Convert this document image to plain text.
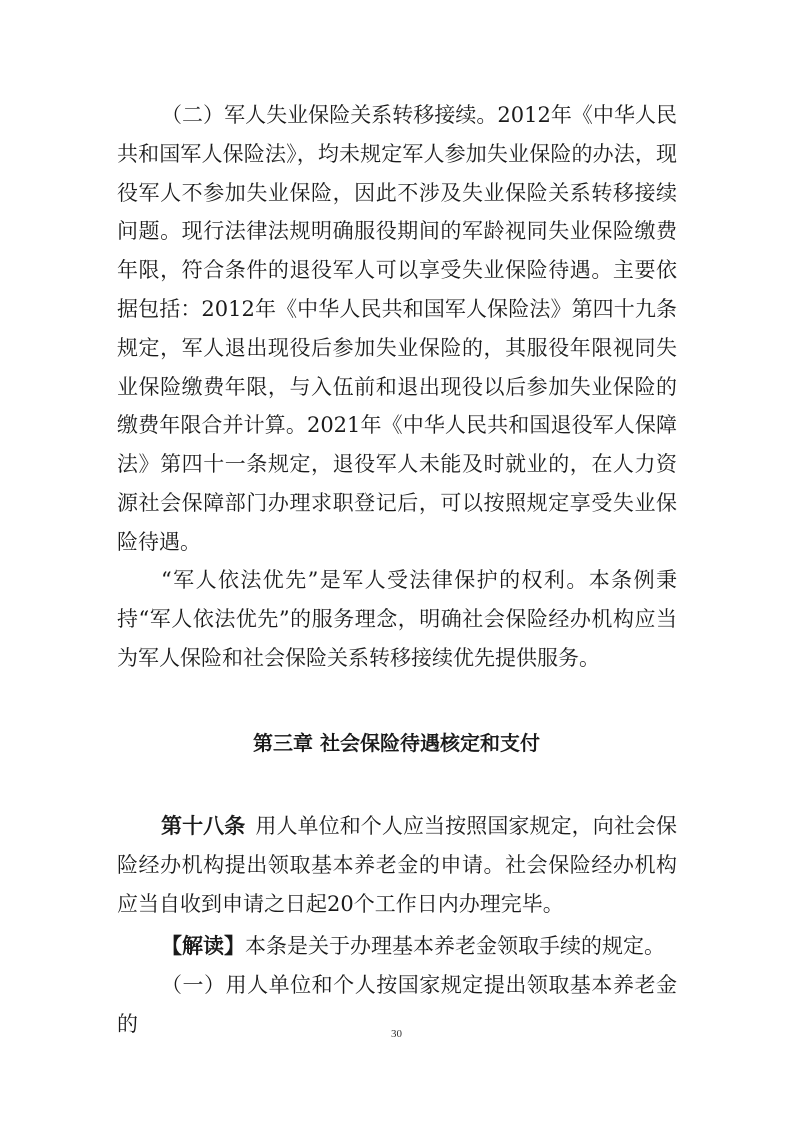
（二）军人失业保险关系转移接续。2012年《中华人民共和国军人保险法》，均未规定军人参加失业保险的办法，现役军人不参加失业保险，因此不涉及失业保险关系转移接续问题。现行法律法规明确服役期间的军龄视同失业保险缴费年限，符合条件的退役军人可以享受失业保险待遇。主要依据包括：2012年《中华人民共和国军人保险法》第四十九条规定，军人退出现役后参加失业保险的，其服役年限视同失业保险缴费年限，与入伍前和退出现役以后参加失业保险的缴费年限合并计算。2021年《中华人民共和国退役军人保障法》第四十一条规定，退役军人未能及时就业的，在人力资源社会保障部门办理求职登记后，可以按照规定享受失业保险待遇。

“军人依法优先”是军人受法律保护的权利。本条例秉持“军人依法优先”的服务理念，明确社会保险经办机构应当为军人保险和社会保险关系转移接续优先提供服务。

第三章 社会保险待遇核定和支付

第十八条 用人单位和个人应当按照国家规定，向社会保险经办机构提出领取基本养老金的申请。社会保险经办机构应当自收到申请之日起20个工作日内办理完毕。

【解读】本条是关于办理基本养老金领取手续的规定。

（一）用人单位和个人按国家规定提出领取基本养老金的	30
